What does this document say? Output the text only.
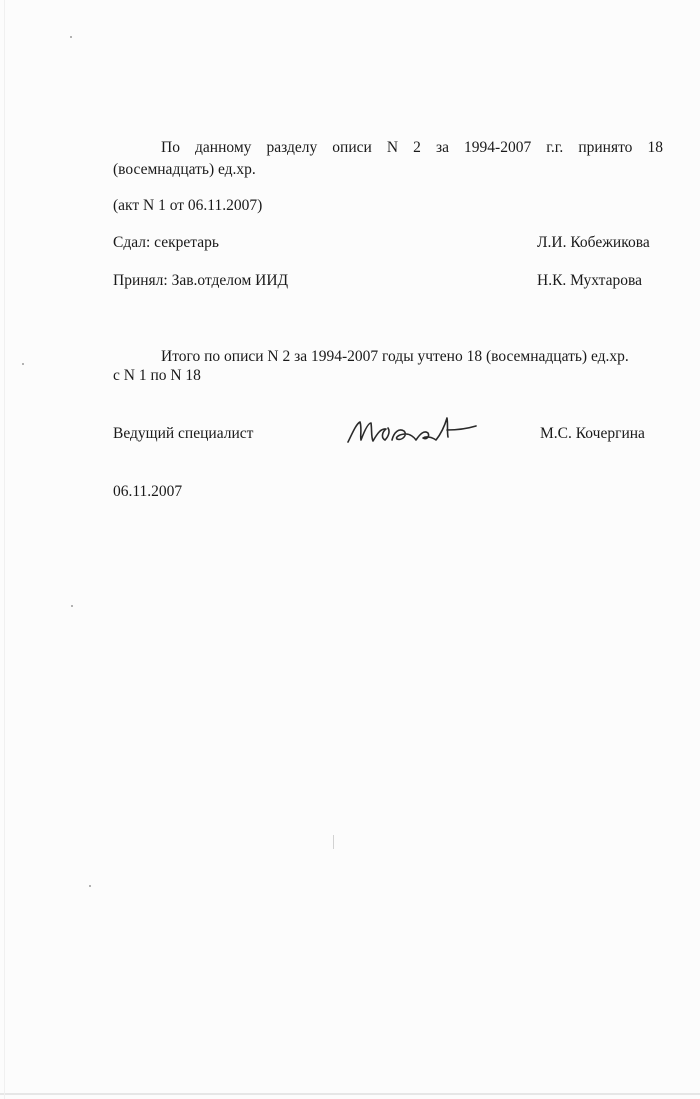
По данному разделу описи N 2 за 1994-2007 г.г. принято 18
(восемнадцать) ед.хр.
(акт N 1 от 06.11.2007)
Сдал: секретарь	Л.И. Кобежикова
Принял: Зав.отделом ИИД	Н.К. Мухтарова
Итого по описи N 2 за 1994-2007 годы учтено 18 (восемнадцать) ед.хр.
с N 1 по N 18
Ведущий специалист	М.С. Кочергина
06.11.2007
